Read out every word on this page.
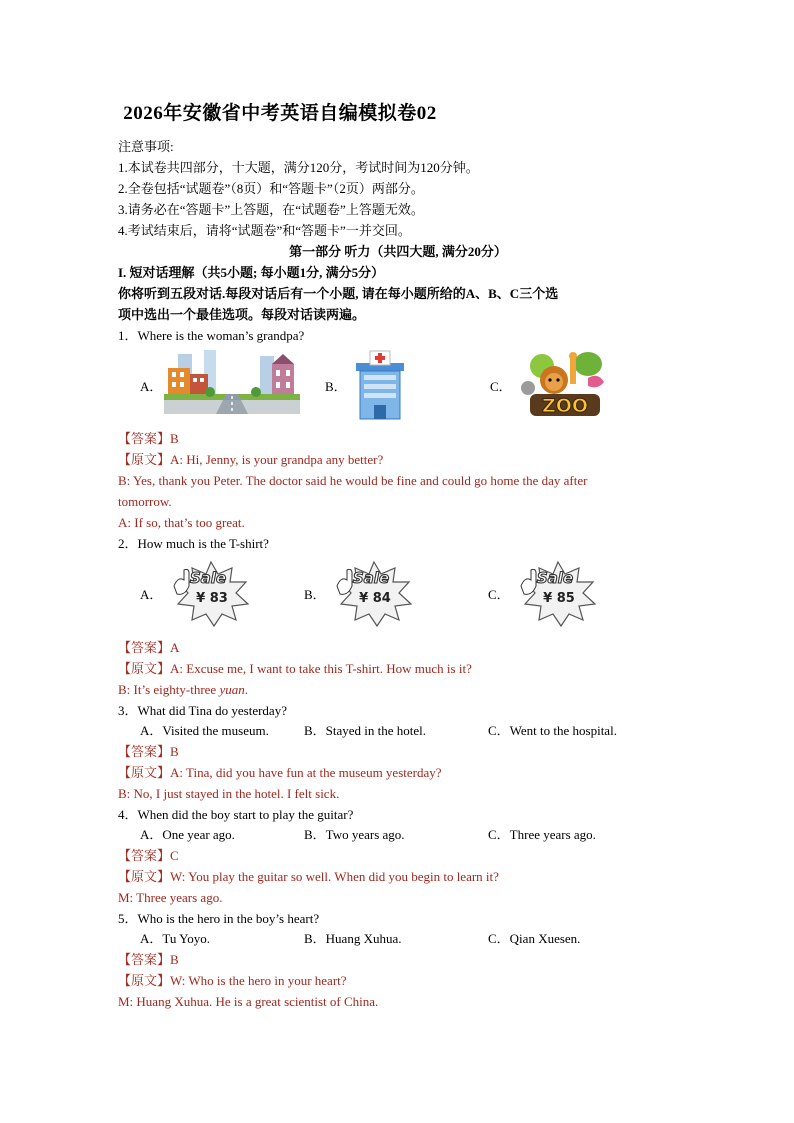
2026年安徽省中考英语自编模拟卷02
注意事项:
1.本试卷共四部分，十大题，满分120分，考试时间为120分钟。
2.全卷包括“试题卷”（8页）和“答题卡”（2页）两部分。
3.请务必在“答题卡”上答题，在“试题卷”上答题无效。
4.考试结束后，请将“试题卷”和“答题卡”一并交回。
第一部分 听力（共四大题, 满分20分）
I. 短对话理解（共5小题; 每小题1分, 满分5分）
你将听到五段对话.每段对话后有一个小题, 请在每小题所给的A、B、C三个选
项中选出一个最佳选项。每段对话读两遍。
1．Where is the woman’s grandpa?
A．	B．	C．
ZOO
【答案】B
【原文】A: Hi, Jenny, is your grandpa any better?
B: Yes, thank you Peter. The doctor said he would be fine and could go home the day after
tomorrow.
A: If so, that’s too great.
2．How much is the T-shirt?
A．	B．	C．
Sale
¥ 83
Sale
¥ 84
Sale
¥ 85
【答案】A
【原文】A: Excuse me, I want to take this T-shirt. How much is it?
B: It’s eighty-three yuan.
3．What did Tina do yesterday?
A．Visited the museum.	B．Stayed in the hotel.	C．Went to the hospital.
【答案】B
【原文】A: Tina, did you have fun at the museum yesterday?
B: No, I just stayed in the hotel. I felt sick.
4．When did the boy start to play the guitar?
A．One year ago.	B．Two years ago.	C．Three years ago.
【答案】C
【原文】W: You play the guitar so well. When did you begin to learn it?
M: Three years ago.
5．Who is the hero in the boy’s heart?
A．Tu Yoyo.	B．Huang Xuhua.	C．Qian Xuesen.
【答案】B
【原文】W: Who is the hero in your heart?
M: Huang Xuhua. He is a great scientist of China.
